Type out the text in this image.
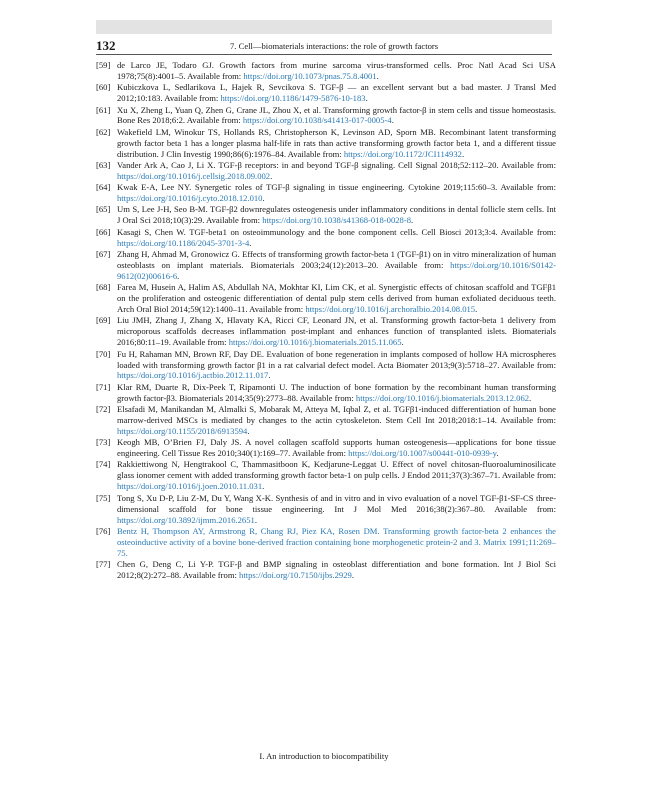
132	7. Cell—biomaterials interactions: the role of growth factors
[59] de Larco JE, Todaro GJ. Growth factors from murine sarcoma virus-transformed cells. Proc Natl Acad Sci USA 1978;75(8):4001–5. Available from: https://doi.org/10.1073/pnas.75.8.4001.
[60] Kubiczkova L, Sedlarikova L, Hajek R, Sevcikova S. TGF-β — an excellent servant but a bad master. J Transl Med 2012;10:183. Available from: https://doi.org/10.1186/1479-5876-10-183.
[61] Xu X, Zheng L, Yuan Q, Zhen G, Crane JL, Zhou X, et al. Transforming growth factor-β in stem cells and tissue homeostasis. Bone Res 2018;6:2. Available from: https://doi.org/10.1038/s41413-017-0005-4.
[62] Wakefield LM, Winokur TS, Hollands RS, Christopherson K, Levinson AD, Sporn MB. Recombinant latent transforming growth factor beta 1 has a longer plasma half-life in rats than active transforming growth factor beta 1, and a different tissue distribution. J Clin Investig 1990;86(6):1976–84. Available from: https://doi.org/10.1172/JCI114932.
[63] Vander Ark A, Cao J, Li X. TGF-β receptors: in and beyond TGF-β signaling. Cell Signal 2018;52:112–20. Available from: https://doi.org/10.1016/j.cellsig.2018.09.002.
[64] Kwak E-A, Lee NY. Synergetic roles of TGF-β signaling in tissue engineering. Cytokine 2019;115:60–3. Available from: https://doi.org/10.1016/j.cyto.2018.12.010.
[65] Um S, Lee J-H, Seo B-M. TGF-β2 downregulates osteogenesis under inflammatory conditions in dental follicle stem cells. Int J Oral Sci 2018;10(3):29. Available from: https://doi.org/10.1038/s41368-018-0028-8.
[66] Kasagi S, Chen W. TGF-beta1 on osteoimmunology and the bone component cells. Cell Biosci 2013;3:4. Available from: https://doi.org/10.1186/2045-3701-3-4.
[67] Zhang H, Ahmad M, Gronowicz G. Effects of transforming growth factor-beta 1 (TGF-β1) on in vitro mineralization of human osteoblasts on implant materials. Biomaterials 2003;24(12):2013–20. Available from: https://doi.org/10.1016/S0142-9612(02)00616-6.
[68] Farea M, Husein A, Halim AS, Abdullah NA, Mokhtar KI, Lim CK, et al. Synergistic effects of chitosan scaffold and TGFβ1 on the proliferation and osteogenic differentiation of dental pulp stem cells derived from human exfoliated deciduous teeth. Arch Oral Biol 2014;59(12):1400–11. Available from: https://doi.org/10.1016/j.archoralbio.2014.08.015.
[69] Liu JMH, Zhang J, Zhang X, Hlavaty KA, Ricci CF, Leonard JN, et al. Transforming growth factor-beta 1 delivery from microporous scaffolds decreases inflammation post-implant and enhances function of transplanted islets. Biomaterials 2016;80:11–19. Available from: https://doi.org/10.1016/j.biomaterials.2015.11.065.
[70] Fu H, Rahaman MN, Brown RF, Day DE. Evaluation of bone regeneration in implants composed of hollow HA microspheres loaded with transforming growth factor β1 in a rat calvarial defect model. Acta Biomater 2013;9(3):5718–27. Available from: https://doi.org/10.1016/j.actbio.2012.11.017.
[71] Klar RM, Duarte R, Dix-Peek T, Ripamonti U. The induction of bone formation by the recombinant human transforming growth factor-β3. Biomaterials 2014;35(9):2773–88. Available from: https://doi.org/10.1016/j.biomaterials.2013.12.062.
[72] Elsafadi M, Manikandan M, Almalki S, Mobarak M, Atteya M, Iqbal Z, et al. TGFβ1-induced differentiation of human bone marrow-derived MSCs is mediated by changes to the actin cytoskeleton. Stem Cell Int 2018;2018:1–14. Available from: https://doi.org/10.1155/2018/6913594.
[73] Keogh MB, O’Brien FJ, Daly JS. A novel collagen scaffold supports human osteogenesis—applications for bone tissue engineering. Cell Tissue Res 2010;340(1):169–77. Available from: https://doi.org/10.1007/s00441-010-0939-y.
[74] Rakkiettiwong N, Hengtrakool C, Thammasitboon K, Kedjarune-Leggat U. Effect of novel chitosan-fluoroaluminosilicate glass ionomer cement with added transforming growth factor beta-1 on pulp cells. J Endod 2011;37(3):367–71. Available from: https://doi.org/10.1016/j.joen.2010.11.031.
[75] Tong S, Xu D-P, Liu Z-M, Du Y, Wang X-K. Synthesis of and in vitro and in vivo evaluation of a novel TGF-β1-SF-CS three-dimensional scaffold for bone tissue engineering. Int J Mol Med 2016;38(2):367–80. Available from: https://doi.org/10.3892/ijmm.2016.2651.
[76] Bentz H, Thompson AY, Armstrong R, Chang RJ, Piez KA, Rosen DM. Transforming growth factor-beta 2 enhances the osteoinductive activity of a bovine bone-derived fraction containing bone morphogenetic protein-2 and 3. Matrix 1991;11:269–75.
[77] Chen G, Deng C, Li Y-P. TGF-β and BMP signaling in osteoblast differentiation and bone formation. Int J Biol Sci 2012;8(2):272–88. Available from: https://doi.org/10.7150/ijbs.2929.
I. An introduction to biocompatibility
